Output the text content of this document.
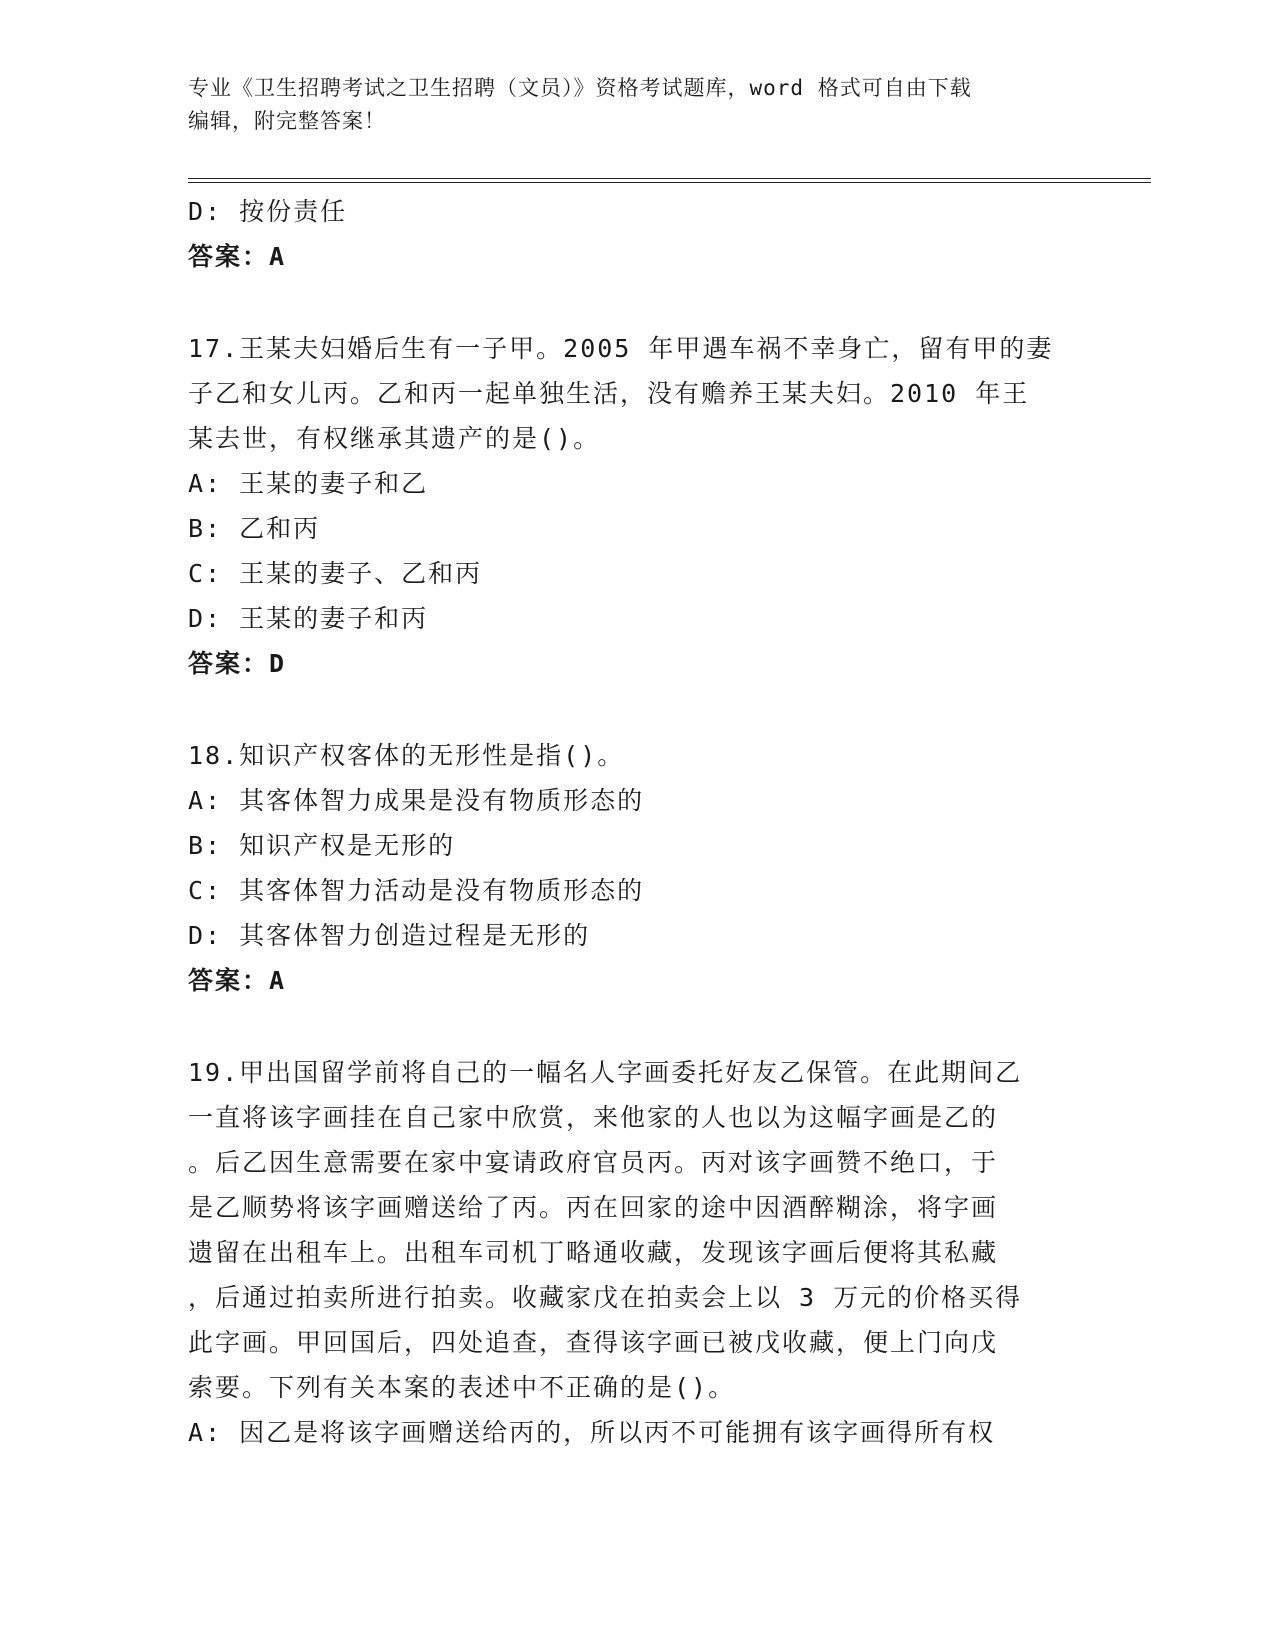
专业《卫生招聘考试之卫生招聘（文员）》资格考试题库，word 格式可自由下载
编辑，附完整答案！
D: 按份责任
答案：A
17.王某夫妇婚后生有一子甲。2005 年甲遇车祸不幸身亡，留有甲的妻
子乙和女儿丙。乙和丙一起单独生活，没有赡养王某夫妇。2010 年王
某去世，有权继承其遗产的是()。
A: 王某的妻子和乙
B: 乙和丙
C: 王某的妻子、乙和丙
D: 王某的妻子和丙
答案：D
18.知识产权客体的无形性是指()。
A: 其客体智力成果是没有物质形态的
B: 知识产权是无形的
C: 其客体智力活动是没有物质形态的
D: 其客体智力创造过程是无形的
答案：A
19.甲出国留学前将自己的一幅名人字画委托好友乙保管。在此期间乙
一直将该字画挂在自己家中欣赏，来他家的人也以为这幅字画是乙的
。后乙因生意需要在家中宴请政府官员丙。丙对该字画赞不绝口，于
是乙顺势将该字画赠送给了丙。丙在回家的途中因酒醉糊涂，将字画
遗留在出租车上。出租车司机丁略通收藏，发现该字画后便将其私藏
，后通过拍卖所进行拍卖。收藏家戊在拍卖会上以 3 万元的价格买得
此字画。甲回国后，四处追查，查得该字画已被戊收藏，便上门向戊
索要。下列有关本案的表述中不正确的是()。
A: 因乙是将该字画赠送给丙的，所以丙不可能拥有该字画得所有权
